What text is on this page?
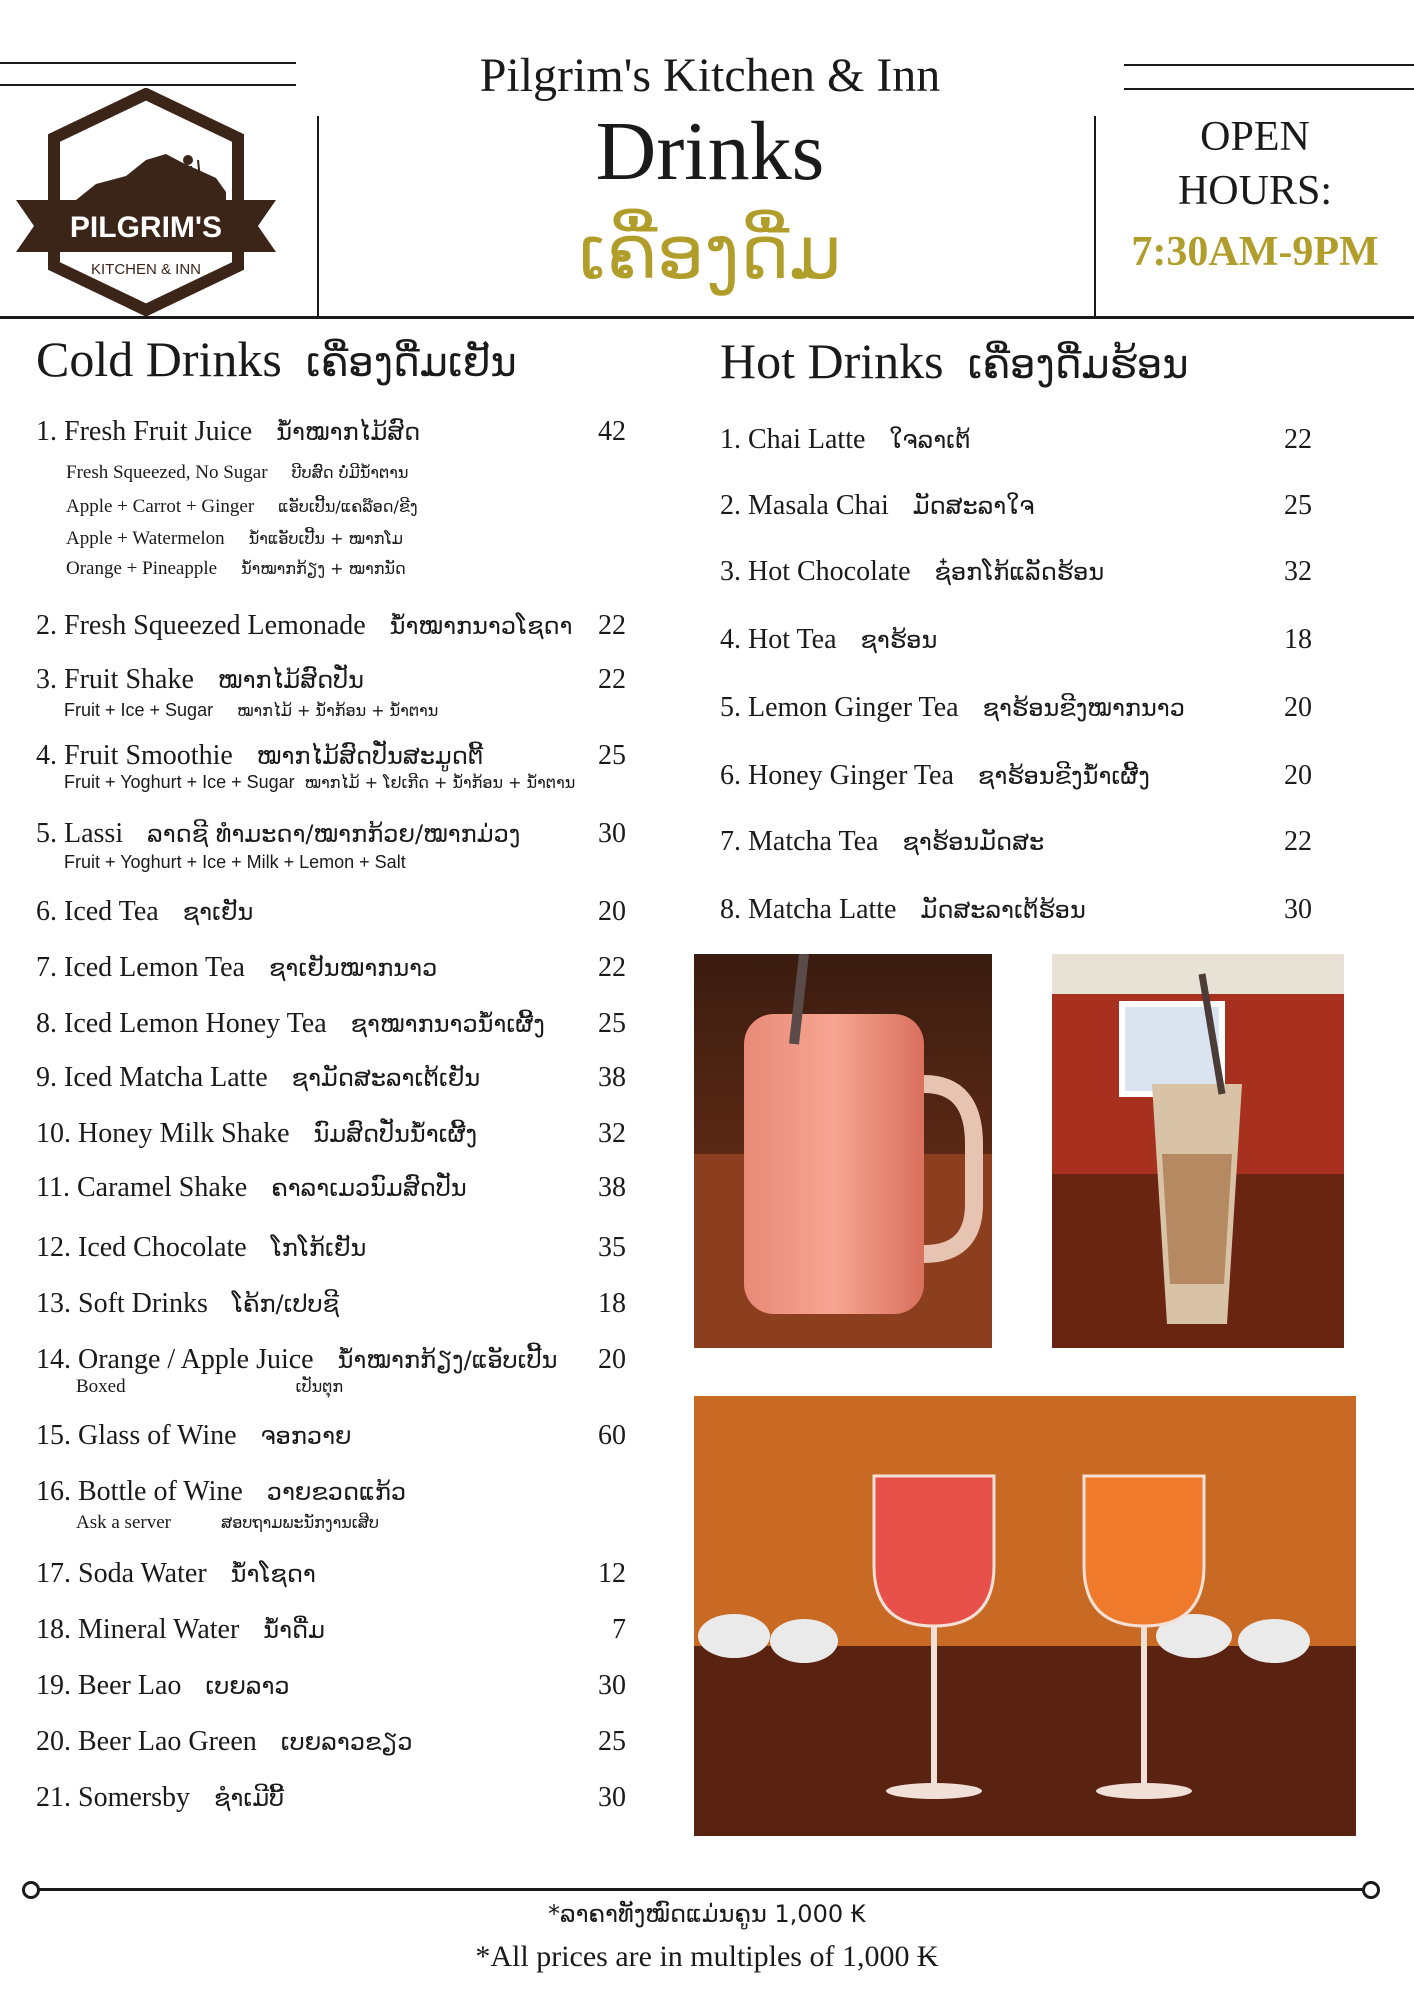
PILGRIM'S
KITCHEN & INN
Pilgrim's Kitchen & Inn
Drinks
ເຄື່ອງດື່ມ
OPEN
HOURS:
7:30AM-9PM
Cold Drinks ເຄື່ອງດື່ມເຢັນ	Hot Drinks ເຄື່ອງດື່ມຮ້ອນ
1. Fresh Fruit Juice ນ້ຳໝາກໄມ້ສົດ	42
2. Fresh Squeezed Lemonade ນ້ຳໝາກນາວໂຊດາ 22
3. Fruit Shake ໝາກໄມ້ສົດປັ່ນ	22
4. Fruit Smoothie ໝາກໄມ້ສົດປັ່ນສະມູດຕີ້	25
5. Lassi ລາດຊີ ທຳມະດາ/ໝາກກ້ວຍ/ໝາກມ່ວງ	30
6. Iced Tea ຊາເຢັນ	20
7. Iced Lemon Tea ຊາເຢັນໝາກນາວ	22
8. Iced Lemon Honey Tea ຊາໝາກນາວນ້ຳເຜີ້ງ	25
9. Iced Matcha Latte ຊາມັດສະລາເຕ້ເຢັນ	38
10. Honey Milk Shake ນົມສົດປັ່ນນ້ຳເຜີ້ງ	32
11. Caramel Shake ຄາລາເມວນົມສົດປັ່ນ	38
12. Iced Chocolate ໂກໂກ້ເຢັນ	35
13. Soft Drinks ໂຄ້ກ/ເປບຊີ	18
14. Orange / Apple Juice ນ້ຳໝາກກ້ຽງ/ແອັບເປີ້ນ	20
15. Glass of Wine ຈອກວາຍ	60
16. Bottle of Wine ວາຍຂວດແກ້ວ
17. Soda Water ນ້ຳໂຊດາ	12
18. Mineral Water ນ້ຳດື່ມ	7
19. Beer Lao ເບຍລາວ	30
20. Beer Lao Green ເບຍລາວຂຽວ	25
21. Somersby ຊຳເມີບີ້	30
1. Chai Latte ໃຈລາເຕ້	22
2. Masala Chai ມັດສະລາໃຈ	25
3. Hot Chocolate ຊ໋ອກໂກ້ແລັດຮ້ອນ	32
4. Hot Tea ຊາຮ້ອນ	18
5. Lemon Ginger Tea ຊາຮ້ອນຂີງໝາກນາວ	20
6. Honey Ginger Tea ຊາຮ້ອນຂີງນ້ຳເຜີ້ງ	20
7. Matcha Tea ຊາຮ້ອນມັດສະ	22
8. Matcha Latte ມັດສະລາເຕ້ຮ້ອນ	30
Fresh Squeezed, No Sugar ບີບສົດ ບໍ່ມີນ້ຳຕານ
Apple + Carrot + Ginger ແອັບເປີ້ນ/ແຄລ໊ອດ/ຂີງ
Apple + Watermelon ນ້ຳແອັບເປີ້ນ + ໝາກໂມ
Orange + Pineapple ນ້ຳໝາກກ້ຽງ + ໝາກນັດ
Fruit + Ice + Sugar ໝາກໄມ້ + ນ້ຳກ້ອນ + ນ້ຳຕານ
Fruit + Yoghurt + Ice + Sugar ໝາກໄມ້ + ໂຢເກີດ + ນ້ຳກ້ອນ + ນ້ຳຕານ
Fruit + Yoghurt + Ice + Milk + Lemon + Salt
Boxed	ເປັນຕຸກ
Ask a server	ສອບຖາມພະນັກງານເສີບ
*ລາຄາທັງໝົດແມ່ນຄູນ 1,000 ₭
*All prices are in multiples of 1,000 ₭
